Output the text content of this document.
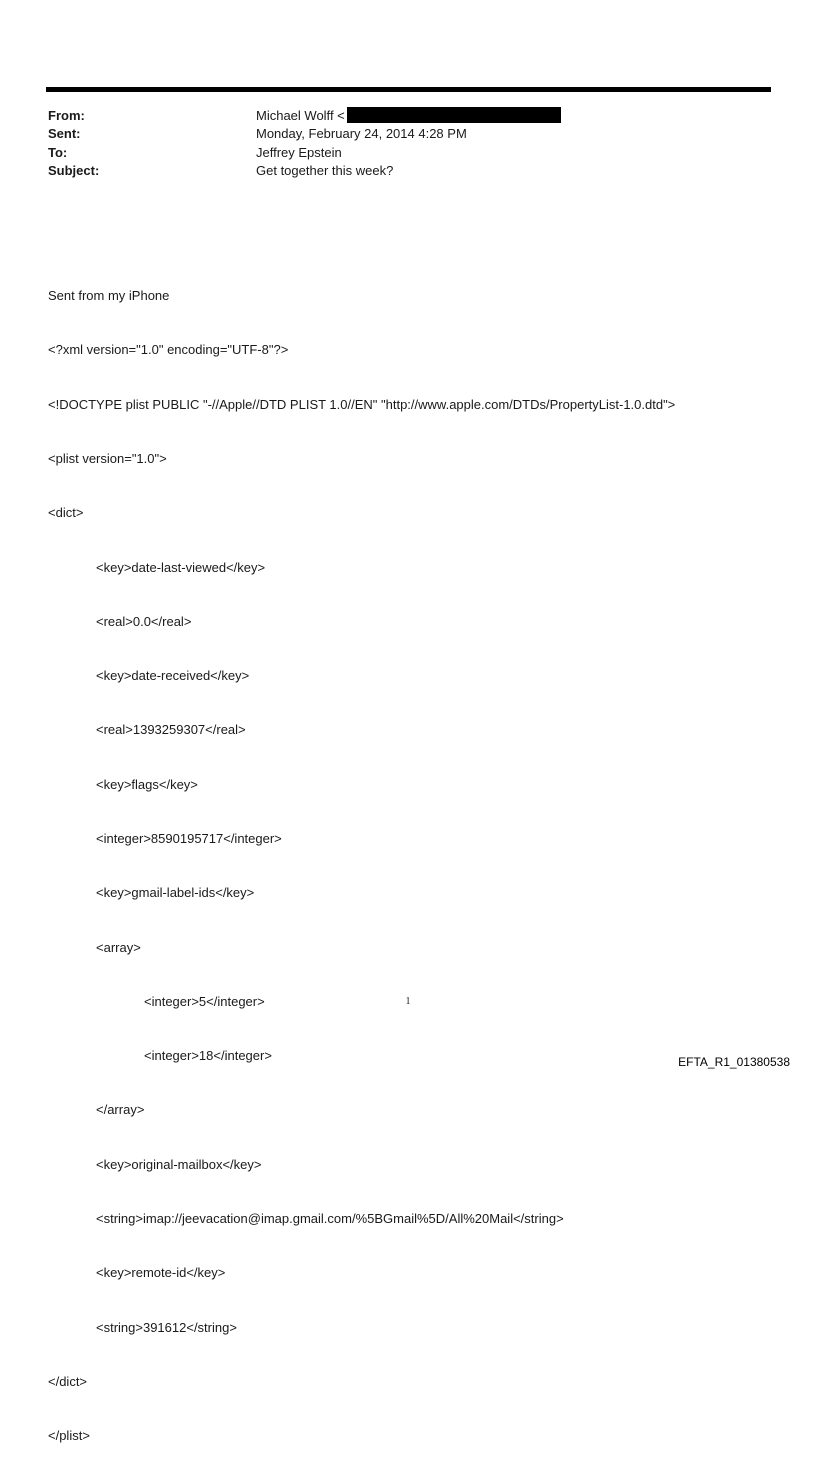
From:	Michael Wolff <
Sent:	Monday, February 24, 2014 4:28 PM
To:	Jeffrey Epstein
Subject:	Get together this week?

Sent from my iPhone

<?xml version="1.0" encoding="UTF-8"?>

<!DOCTYPE plist PUBLIC "-//Apple//DTD PLIST 1.0//EN" "http://www.apple.com/DTDs/PropertyList-1.0.dtd">

<plist version="1.0">

<dict>

<key>date-last-viewed</key>

<real>0.0</real>

<key>date-received</key>

<real>1393259307</real>

<key>flags</key>

<integer>8590195717</integer>

<key>gmail-label-ids</key>

<array>

<integer>5</integer>

<integer>18</integer>

</array>

<key>original-mailbox</key>

<string>imap://jeevacation@imap.gmail.com/%5BGmail%5D/All%20Mail</string>

<key>remote-id</key>

<string>391612</string>

</dict>

</plist>

1
EFTA_R1_01380538
